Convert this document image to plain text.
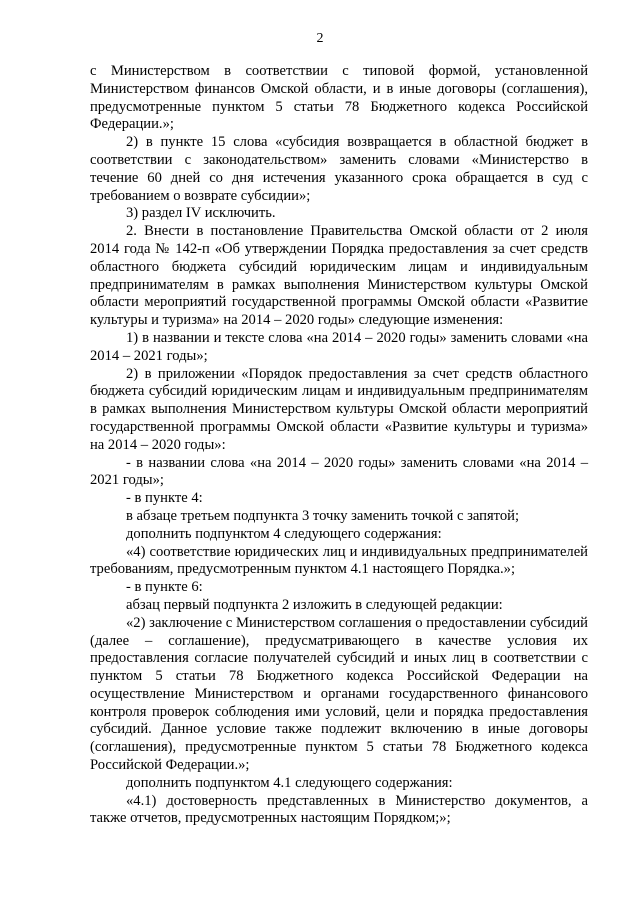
2

с Министерством в соответствии с типовой формой, установленной Министерством финансов Омской области, и в иные договоры (соглашения), предусмотренные пунктом 5 статьи 78 Бюджетного кодекса Российской Федерации.»;

2) в пункте 15 слова «субсидия возвращается в областной бюджет в соответствии с законодательством» заменить словами «Министерство в течение 60 дней со дня истечения указанного срока обращается в суд с требованием о возврате субсидии»;

3) раздел IV исключить.

2. Внести в постановление Правительства Омской области от 2 июля 2014 года № 142-п «Об утверждении Порядка предоставления за счет средств областного бюджета субсидий юридическим лицам и индивидуальным предпринимателям в рамках выполнения Министерством культуры Омской области мероприятий государственной программы Омской области «Развитие культуры и туризма» на 2014 – 2020 годы» следующие изменения:

1) в названии и тексте слова «на 2014 – 2020 годы» заменить словами «на 2014 – 2021 годы»;

2) в приложении «Порядок предоставления за счет средств областного бюджета субсидий юридическим лицам и индивидуальным предпринимателям в рамках выполнения Министерством культуры Омской области мероприятий государственной программы Омской области «Развитие культуры и туризма» на 2014 – 2020 годы»:

- в названии слова «на 2014 – 2020 годы» заменить словами «на 2014 – 2021 годы»;

- в пункте 4:

в абзаце третьем подпункта 3 точку заменить точкой с запятой;

дополнить подпунктом 4 следующего содержания:

«4) соответствие юридических лиц и индивидуальных предпринимателей требованиям, предусмотренным пунктом 4.1 настоящего Порядка.»;

- в пункте 6:

абзац первый подпункта 2 изложить в следующей редакции:

«2) заключение с Министерством соглашения о предоставлении субсидий (далее – соглашение), предусматривающего в качестве условия их предоставления согласие получателей субсидий и иных лиц в соответствии с пунктом 5 статьи 78 Бюджетного кодекса Российской Федерации на осуществление Министерством и органами государственного финансового контроля проверок соблюдения ими условий, цели и порядка предоставления субсидий. Данное условие также подлежит включению в иные договоры (соглашения), предусмотренные пунктом 5 статьи 78 Бюджетного кодекса Российской Федерации.»;

дополнить подпунктом 4.1 следующего содержания:

«4.1) достоверность представленных в Министерство документов, а также отчетов, предусмотренных настоящим Порядком;»;
